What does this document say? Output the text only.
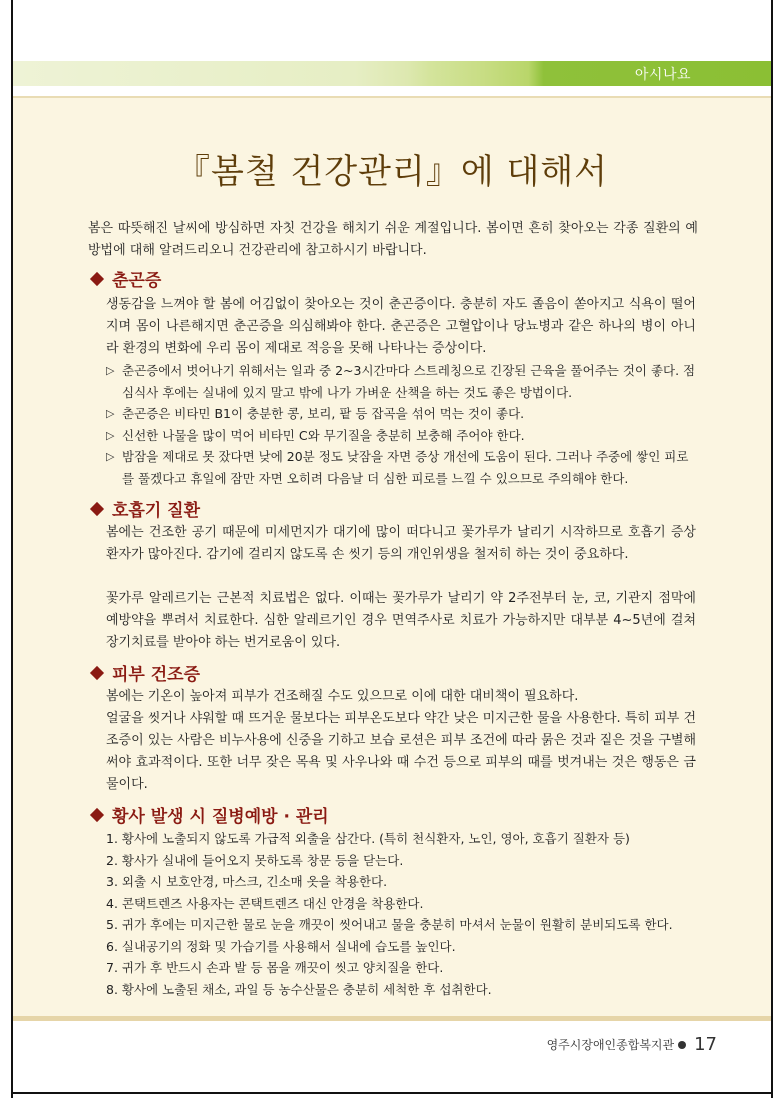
아시나요
『봄철 건강관리』에 대해서
봄은 따뜻해진 날씨에 방심하면 자칫 건강을 해치기 쉬운 계절입니다. 봄이면 흔히 찾아오는 각종 질환의 예방법에 대해 알려드리오니 건강관리에 참고하시기 바랍니다.
춘곤증
생동감을 느껴야 할 봄에 어김없이 찾아오는 것이 춘곤증이다. 충분히 자도 졸음이 쏟아지고 식욕이 떨어지며 몸이 나른해지면 춘곤증을 의심해봐야 한다. 춘곤증은 고혈압이나 당뇨병과 같은 하나의 병이 아니라 환경의 변화에 우리 몸이 제대로 적응을 못해 나타나는 증상이다.
▷ 춘곤증에서 벗어나기 위해서는 일과 중 2~3시간마다 스트레칭으로 긴장된 근육을 풀어주는 것이 좋다. 점심식사 후에는 실내에 있지 말고 밖에 나가 가벼운 산책을 하는 것도 좋은 방법이다.
▷ 춘곤증은 비타민 B1이 충분한 콩, 보리, 팥 등 잡곡을 섞어 먹는 것이 좋다.
▷ 신선한 나물을 많이 먹어 비타민 C와 무기질을 충분히 보충해 주어야 한다.
▷ 밤잠을 제대로 못 잤다면 낮에 20분 정도 낮잠을 자면 증상 개선에 도움이 된다. 그러나 주중에 쌓인 피로를 풀겠다고 휴일에 잠만 자면 오히려 다음날 더 심한 피로를 느낄 수 있으므로 주의해야 한다.
호흡기 질환
봄에는 건조한 공기 때문에 미세먼지가 대기에 많이 떠다니고 꽃가루가 날리기 시작하므로 호흡기 증상 환자가 많아진다. 감기에 걸리지 않도록 손 씻기 등의 개인위생을 철저히 하는 것이 중요하다.
꽃가루 알레르기는 근본적 치료법은 없다. 이때는 꽃가루가 날리기 약 2주전부터 눈, 코, 기관지 점막에 예방약을 뿌려서 치료한다. 심한 알레르기인 경우 면역주사로 치료가 가능하지만 대부분 4~5년에 걸쳐 장기치료를 받아야 하는 번거로움이 있다.
피부 건조증
봄에는 기온이 높아져 피부가 건조해질 수도 있으므로 이에 대한 대비책이 필요하다.
얼굴을 씻거나 샤워할 때 뜨거운 물보다는 피부온도보다 약간 낮은 미지근한 물을 사용한다. 특히 피부 건조증이 있는 사람은 비누사용에 신중을 기하고 보습 로션은 피부 조건에 따라 묽은 것과 짙은 것을 구별해 써야 효과적이다. 또한 너무 잦은 목욕 및 사우나와 때 수건 등으로 피부의 때를 벗겨내는 것은 행동은 금물이다.
황사 발생 시 질병예방 · 관리
1. 황사에 노출되지 않도록 가급적 외출을 삼간다. (특히 천식환자, 노인, 영아, 호흡기 질환자 등)
2. 황사가 실내에 들어오지 못하도록 창문 등을 닫는다.
3. 외출 시 보호안경, 마스크, 긴소매 옷을 착용한다.
4. 콘택트렌즈 사용자는 콘택트렌즈 대신 안경을 착용한다.
5. 귀가 후에는 미지근한 물로 눈을 깨끗이 씻어내고 물을 충분히 마셔서 눈물이 원활히 분비되도록 한다.
6. 실내공기의 정화 및 가습기를 사용해서 실내에 습도를 높인다.
7. 귀가 후 반드시 손과 발 등 몸을 깨끗이 씻고 양치질을 한다.
8. 황사에 노출된 채소, 과일 등 농수산물은 충분히 세척한 후 섭취한다.
영주시장애인종합복지관 17
